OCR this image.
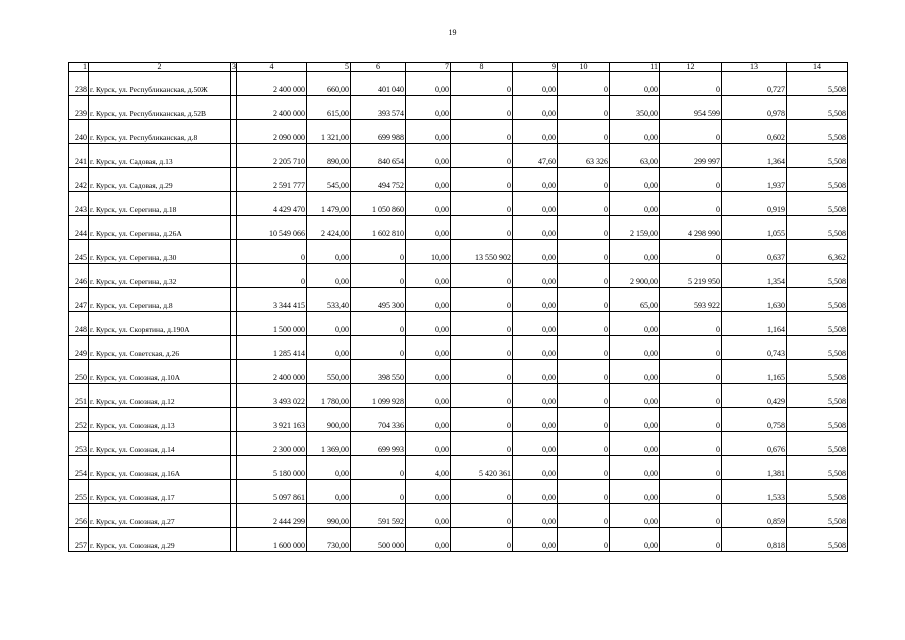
19
1	2	3	4	5	6	7	8	9	10	11	12	13	14
238	г. Курск, ул. Республиканская, д.50Ж		2 400 000	660,00	401 040	0,00	0	0,00	0	0,00	0	0,727	5,508
239	г. Курск, ул. Республиканская, д.52В		2 400 000	615,00	393 574	0,00	0	0,00	0	350,00	954 599	0,978	5,508
240	г. Курск, ул. Республиканская, д.8		2 090 000	1 321,00	699 988	0,00	0	0,00	0	0,00	0	0,602	5,508
241	г. Курск, ул. Садовая, д.13		2 205 710	890,00	840 654	0,00	0	47,60	63 326	63,00	299 997	1,364	5,508
242	г. Курск, ул. Садовая, д.29		2 591 777	545,00	494 752	0,00	0	0,00	0	0,00	0	1,937	5,508
243	г. Курск, ул. Серегина, д.18		4 429 470	1 479,00	1 050 860	0,00	0	0,00	0	0,00	0	0,919	5,508
244	г. Курск, ул. Серегина, д.26А		10 549 066	2 424,00	1 602 810	0,00	0	0,00	0	2 159,00	4 298 990	1,055	5,508
245	г. Курск, ул. Серегина, д.30		0	0,00	0	10,00	13 550 902	0,00	0	0,00	0	0,637	6,362
246	г. Курск, ул. Серегина, д.32		0	0,00	0	0,00	0	0,00	0	2 900,00	5 219 950	1,354	5,508
247	г. Курск, ул. Серегина, д.8		3 344 415	533,40	495 300	0,00	0	0,00	0	65,00	593 922	1,630	5,508
248	г. Курск, ул. Скорятина, д.190А		1 500 000	0,00	0	0,00	0	0,00	0	0,00	0	1,164	5,508
249	г. Курск, ул. Советская, д.26		1 285 414	0,00	0	0,00	0	0,00	0	0,00	0	0,743	5,508
250	г. Курск, ул. Союзная, д.10А		2 400 000	550,00	398 550	0,00	0	0,00	0	0,00	0	1,165	5,508
251	г. Курск, ул. Союзная, д.12		3 493 022	1 780,00	1 099 928	0,00	0	0,00	0	0,00	0	0,429	5,508
252	г. Курск, ул. Союзная, д.13		3 921 163	900,00	704 336	0,00	0	0,00	0	0,00	0	0,758	5,508
253	г. Курск, ул. Союзная, д.14		2 300 000	1 369,00	699 993	0,00	0	0,00	0	0,00	0	0,676	5,508
254	г. Курск, ул. Союзная, д.16А		5 180 000	0,00	0	4,00	5 420 361	0,00	0	0,00	0	1,381	5,508
255	г. Курск, ул. Союзная, д.17		5 097 861	0,00	0	0,00	0	0,00	0	0,00	0	1,533	5,508
256	г. Курск, ул. Союзная, д.27		2 444 299	990,00	591 592	0,00	0	0,00	0	0,00	0	0,859	5,508
257	г. Курск, ул. Союзная, д.29		1 600 000	730,00	500 000	0,00	0	0,00	0	0,00	0	0,818	5,508
